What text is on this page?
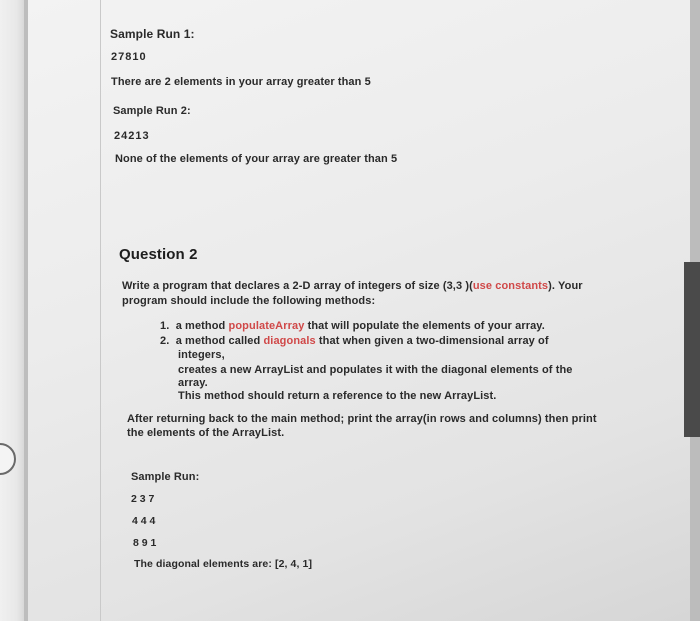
Sample Run 1:
27810
There are 2 elements in your array greater than 5
Sample Run 2:
24213
None of the elements of your array are greater than 5
Question 2
Write a program that declares a 2-D array of integers of size (3,3 )(use constants). Your
program should include the following methods:
1. a method populateArray that will populate the elements of your array.
2. a method called diagonals that when given a two-dimensional array of
integers,
creates a new ArrayList and populates it with the diagonal elements of the
array.
This method should return a reference to the new ArrayList.
After returning back to the main method; print the array(in rows and columns) then print
the elements of the ArrayList.
Sample Run:
2 3 7
4 4 4
8 9 1
The diagonal elements are: [2, 4, 1]
